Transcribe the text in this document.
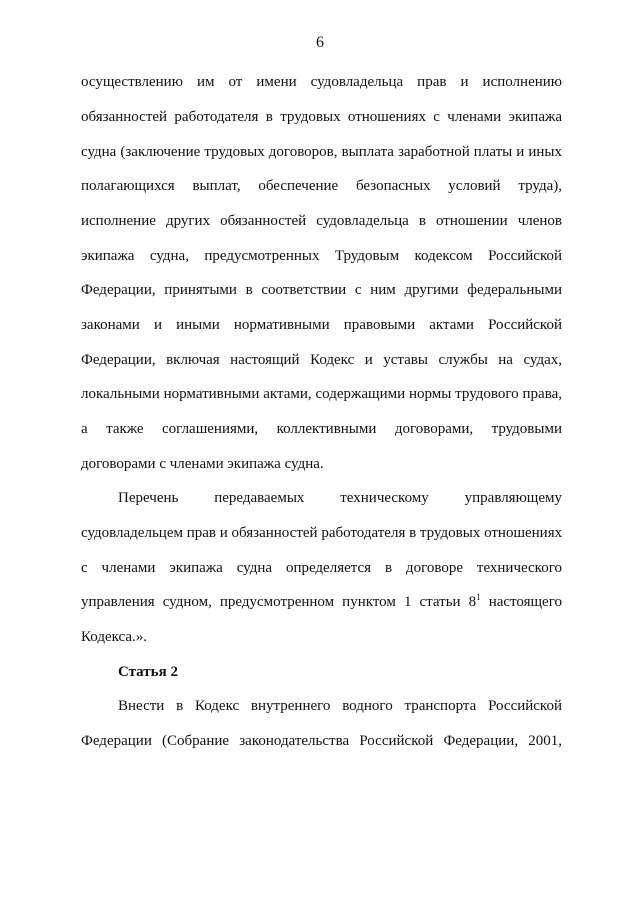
6
осуществлению им от имени судовладельца прав и исполнению
обязанностей работодателя в трудовых отношениях с членами экипажа
судна (заключение трудовых договоров, выплата заработной платы и иных
полагающихся выплат, обеспечение безопасных условий труда),
исполнение других обязанностей судовладельца в отношении членов
экипажа судна, предусмотренных Трудовым кодексом Российской
Федерации, принятыми в соответствии с ним другими федеральными
законами и иными нормативными правовыми актами Российской
Федерации, включая настоящий Кодекс и уставы службы на судах,
локальными нормативными актами, содержащими нормы трудового права,
а также соглашениями, коллективными договорами, трудовыми
договорами с членами экипажа судна.
Перечень передаваемых техническому управляющему
судовладельцем прав и обязанностей работодателя в трудовых отношениях
с членами экипажа судна определяется в договоре технического
управления судном, предусмотренном пунктом 1 статьи $8^1$ настоящего
Кодекса.».
Статья 2
Внести в Кодекс внутреннего водного транспорта Российской
Федерации (Собрание законодательства Российской Федерации, 2001,
